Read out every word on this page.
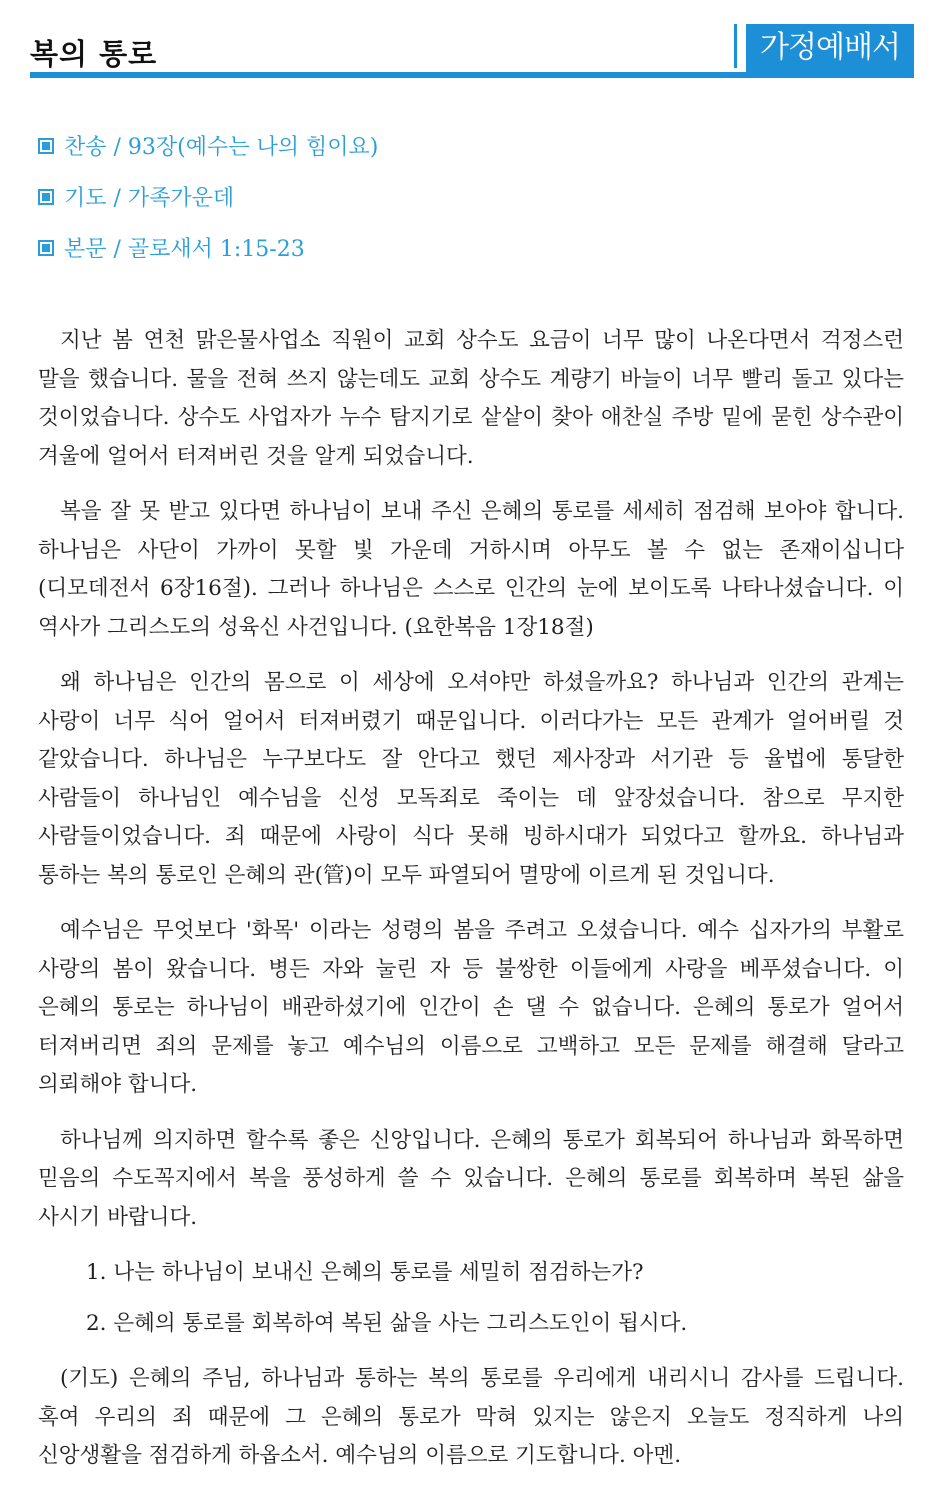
복의 통로	가정예배서
찬송 / 93장(예수는 나의 힘이요)
기도 / 가족가운데
본문 / 골로새서 1:15-23

지난 봄 연천 맑은물사업소 직원이 교회 상수도 요금이 너무 많이 나온다면서 걱정스런 말을 했습니다. 물을 전혀 쓰지 않는데도 교회 상수도 계량기 바늘이 너무 빨리 돌고 있다는 것이었습니다. 상수도 사업자가 누수 탐지기로 샅샅이 찾아 애찬실 주방 밑에 묻힌 상수관이 겨울에 얼어서 터져버린 것을 알게 되었습니다.

복을 잘 못 받고 있다면 하나님이 보내 주신 은혜의 통로를 세세히 점검해 보아야 합니다. 하나님은 사단이 가까이 못할 빛 가운데 거하시며 아무도 볼 수 없는 존재이십니다(디모데전서 6장16절). 그러나 하나님은 스스로 인간의 눈에 보이도록 나타나셨습니다. 이 역사가 그리스도의 성육신 사건입니다. (요한복음 1장18절)

왜 하나님은 인간의 몸으로 이 세상에 오셔야만 하셨을까요? 하나님과 인간의 관계는 사랑이 너무 식어 얼어서 터져버렸기 때문입니다. 이러다가는 모든 관계가 얼어버릴 것 같았습니다. 하나님은 누구보다도 잘 안다고 했던 제사장과 서기관 등 율법에 통달한 사람들이 하나님인 예수님을 신성 모독죄로 죽이는 데 앞장섰습니다. 참으로 무지한 사람들이었습니다. 죄 때문에 사랑이 식다 못해 빙하시대가 되었다고 할까요. 하나님과 통하는 복의 통로인 은혜의 관(管)이 모두 파열되어 멸망에 이르게 된 것입니다.

예수님은 무엇보다 '화목' 이라는 성령의 봄을 주려고 오셨습니다. 예수 십자가의 부활로 사랑의 봄이 왔습니다. 병든 자와 눌린 자 등 불쌍한 이들에게 사랑을 베푸셨습니다. 이 은혜의 통로는 하나님이 배관하셨기에 인간이 손 댈 수 없습니다. 은혜의 통로가 얼어서 터져버리면 죄의 문제를 놓고 예수님의 이름으로 고백하고 모든 문제를 해결해 달라고 의뢰해야 합니다.

하나님께 의지하면 할수록 좋은 신앙입니다. 은혜의 통로가 회복되어 하나님과 화목하면 믿음의 수도꼭지에서 복을 풍성하게 쓸 수 있습니다. 은혜의 통로를 회복하며 복된 삶을 사시기 바랍니다.

1. 나는 하나님이 보내신 은혜의 통로를 세밀히 점검하는가?
2. 은혜의 통로를 회복하여 복된 삶을 사는 그리스도인이 됩시다.

(기도) 은혜의 주님, 하나님과 통하는 복의 통로를 우리에게 내리시니 감사를 드립니다. 혹여 우리의 죄 때문에 그 은혜의 통로가 막혀 있지는 않은지 오늘도 정직하게 나의 신앙생활을 점검하게 하옵소서. 예수님의 이름으로 기도합니다. 아멘.
